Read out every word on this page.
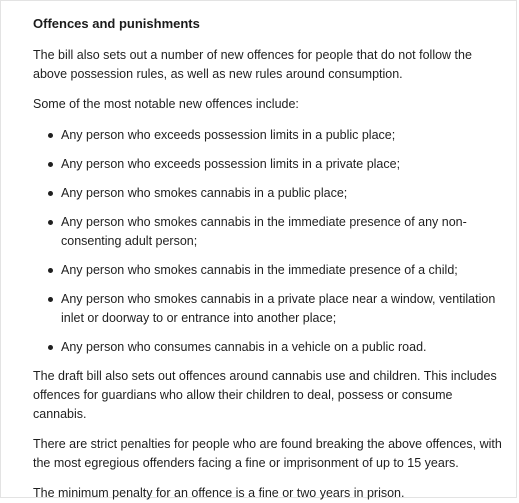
Offences and punishments

The bill also sets out a number of new offences for people that do not follow the above possession rules, as well as new rules around consumption.

Some of the most notable new offences include:

Any person who exceeds possession limits in a public place;
Any person who exceeds possession limits in a private place;
Any person who smokes cannabis in a public place;
Any person who smokes cannabis in the immediate presence of any non-consenting adult person;
Any person who smokes cannabis in the immediate presence of a child;
Any person who smokes cannabis in a private place near a window, ventilation inlet or doorway to or entrance into another place;
Any person who consumes cannabis in a vehicle on a public road.

The draft bill also sets out offences around cannabis use and children. This includes offences for guardians who allow their children to deal, possess or consume cannabis.

There are strict penalties for people who are found breaking the above offences, with the most egregious offenders facing a fine or imprisonment of up to 15 years.

The minimum penalty for an offence is a fine or two years in prison.
